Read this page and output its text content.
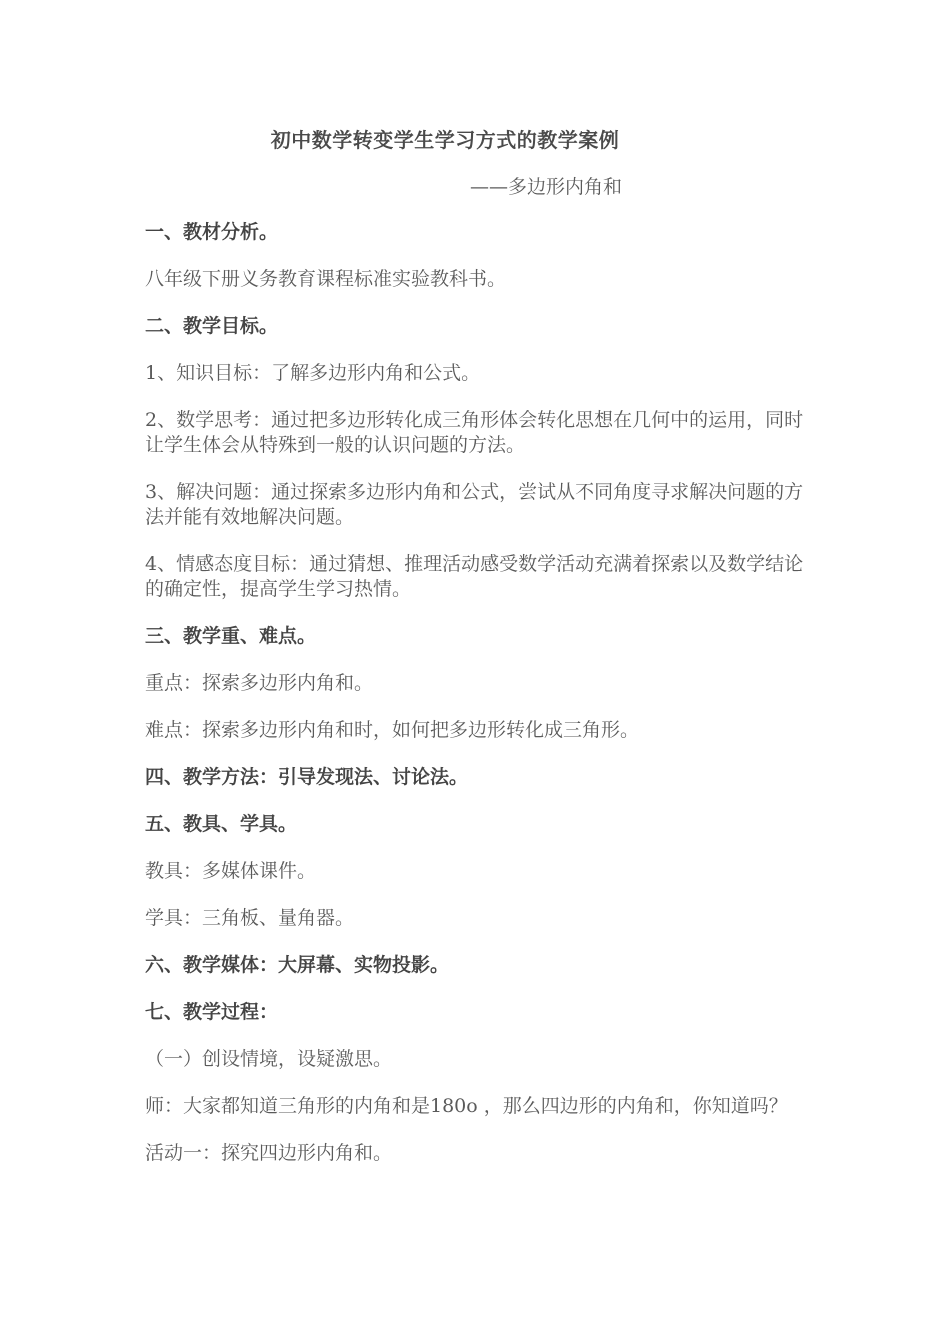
初中数学转变学生学习方式的教学案例
——多边形内角和

一、教材分析。

八年级下册义务教育课程标准实验教科书。

二、教学目标。

1、知识目标：了解多边形内角和公式。

2、数学思考：通过把多边形转化成三角形体会转化思想在几何中的运用，同时让学生体会从特殊到一般的认识问题的方法。

3、解决问题：通过探索多边形内角和公式，尝试从不同角度寻求解决问题的方法并能有效地解决问题。

4、情感态度目标：通过猜想、推理活动感受数学活动充满着探索以及数学结论的确定性，提高学生学习热情。

三、教学重、难点。

重点：探索多边形内角和。

难点：探索多边形内角和时，如何把多边形转化成三角形。

四、教学方法：引导发现法、讨论法。

五、教具、学具。

教具：多媒体课件。

学具：三角板、量角器。

六、教学媒体：大屏幕、实物投影。

七、教学过程：

（一）创设情境，设疑激思。

师：大家都知道三角形的内角和是180o ，那么四边形的内角和，你知道吗？

活动一：探究四边形内角和。
